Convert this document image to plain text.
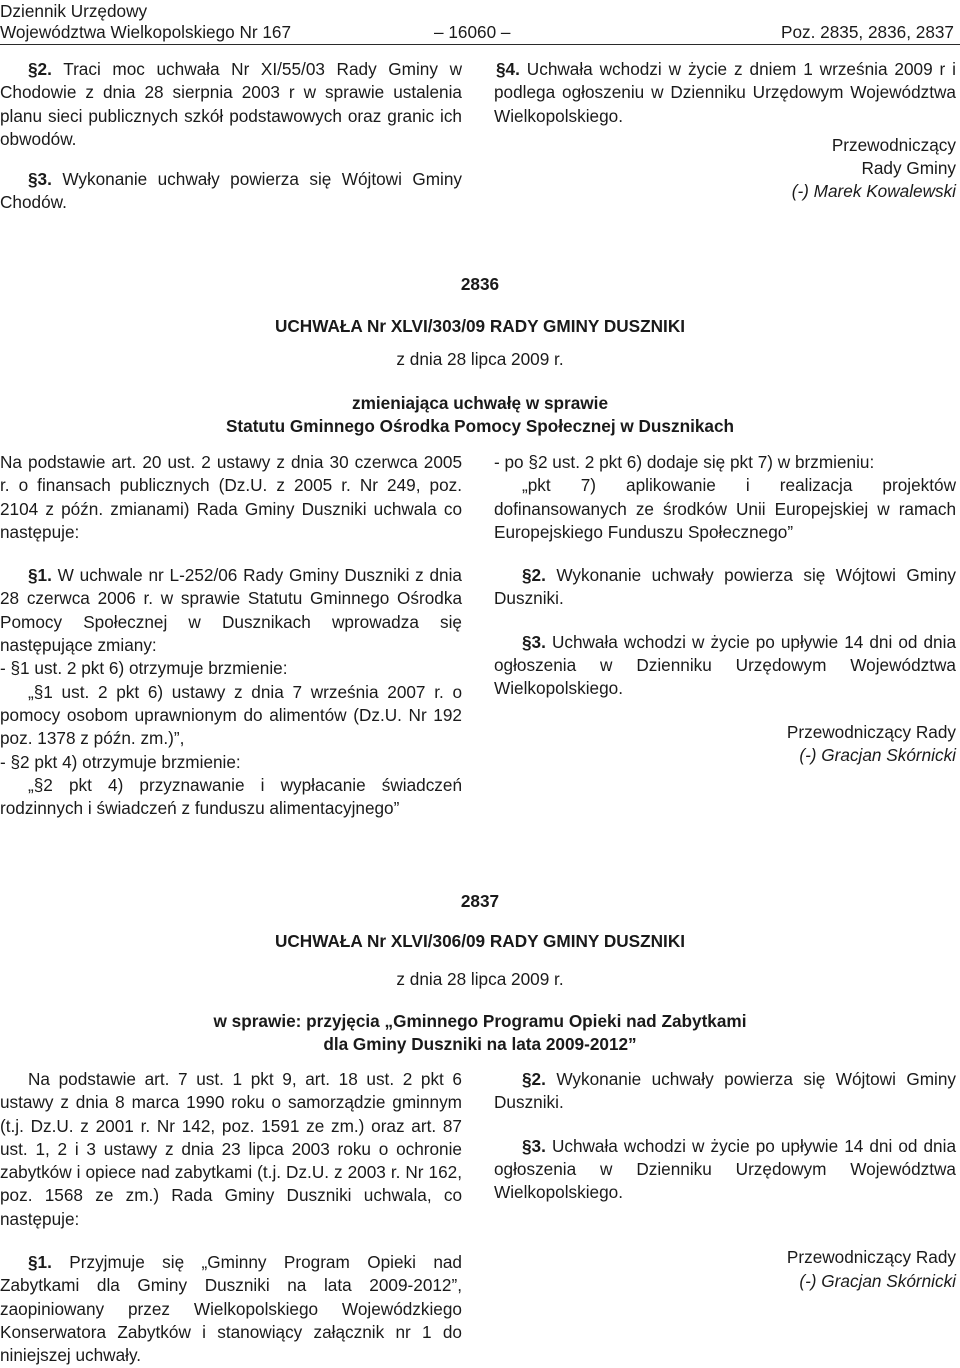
Dziennik Urzędowy
Województwa Wielkopolskiego Nr 167	– 16060 –	Poz. 2835, 2836, 2837

§2. Traci moc uchwała Nr XI/55/03 Rady Gminy w Chodowie z dnia 28 sierpnia 2003 r w sprawie ustalenia planu sieci publicznych szkół podstawowych oraz granic ich obwodów.

§3. Wykonanie uchwały powierza się Wójtowi Gminy Chodów.

§4. Uchwała wchodzi w życie z dniem 1 września 2009 r i podlega ogłoszeniu w Dzienniku Urzędowym Województwa Wielkopolskiego.

Przewodniczący
Rady Gminy
(-) Marek Kowalewski
2836
UCHWAŁA Nr XLVI/303/09 RADY GMINY DUSZNIKI
z dnia 28 lipca 2009 r.
zmieniająca uchwałę w sprawie
Statutu Gminnego Ośrodka Pomocy Społecznej w Dusznikach

Na podstawie art. 20 ust. 2 ustawy z dnia 30 czerwca 2005 r. o finansach publicznych (Dz.U. z 2005 r. Nr 249, poz. 2104 z późn. zmianami) Rada Gminy Duszniki uchwala co następuje:

§1. W uchwale nr L-252/06 Rady Gminy Duszniki z dnia 28 czerwca 2006 r. w sprawie Statutu Gminnego Ośrodka Pomocy Społecznej w Dusznikach wprowadza się następujące zmiany:

- §1 ust. 2 pkt 6) otrzymuje brzmienie:

„§1 ust. 2 pkt 6) ustawy z dnia 7 września 2007 r. o pomocy osobom uprawnionym do alimentów (Dz.U. Nr 192 poz. 1378 z późn. zm.)”,

- §2 pkt 4) otrzymuje brzmienie:

„§2 pkt 4) przyznawanie i wypłacanie świadczeń rodzinnych i świadczeń z funduszu alimentacyjnego”

- po §2 ust. 2 pkt 6) dodaje się pkt 7) w brzmieniu:

„pkt 7) aplikowanie i realizacja projektów dofinansowanych ze środków Unii Europejskiej w ramach Europejskiego Funduszu Społecznego”

§2. Wykonanie uchwały powierza się Wójtowi Gminy Duszniki.

§3. Uchwała wchodzi w życie po upływie 14 dni od dnia ogłoszenia w Dzienniku Urzędowym Województwa Wielkopolskiego.

Przewodniczący Rady
(-) Gracjan Skórnicki
2837
UCHWAŁA Nr XLVI/306/09 RADY GMINY DUSZNIKI
z dnia 28 lipca 2009 r.
w sprawie: przyjęcia „Gminnego Programu Opieki nad Zabytkami
dla Gminy Duszniki na lata 2009-2012”

Na podstawie art. 7 ust. 1 pkt 9, art. 18 ust. 2 pkt 6 ustawy z dnia 8 marca 1990 roku o samorządzie gminnym (t.j. Dz.U. z 2001 r. Nr 142, poz. 1591 ze zm.) oraz art. 87 ust. 1, 2 i 3 ustawy z dnia 23 lipca 2003 roku o ochronie zabytków i opiece nad zabytkami (t.j. Dz.U. z 2003 r. Nr 162, poz. 1568 ze zm.) Rada Gminy Duszniki uchwala, co następuje:

§1. Przyjmuje się „Gminny Program Opieki nad Zabytkami dla Gminy Duszniki na lata 2009-2012”, zaopiniowany przez Wielkopolskiego Wojewódzkiego Konserwatora Zabytków i stanowiący załącznik nr 1 do niniejszej uchwały.

§2. Wykonanie uchwały powierza się Wójtowi Gminy Duszniki.

§3. Uchwała wchodzi w życie po upływie 14 dni od dnia ogłoszenia w Dzienniku Urzędowym Województwa Wielkopolskiego.

Przewodniczący Rady
(-) Gracjan Skórnicki
